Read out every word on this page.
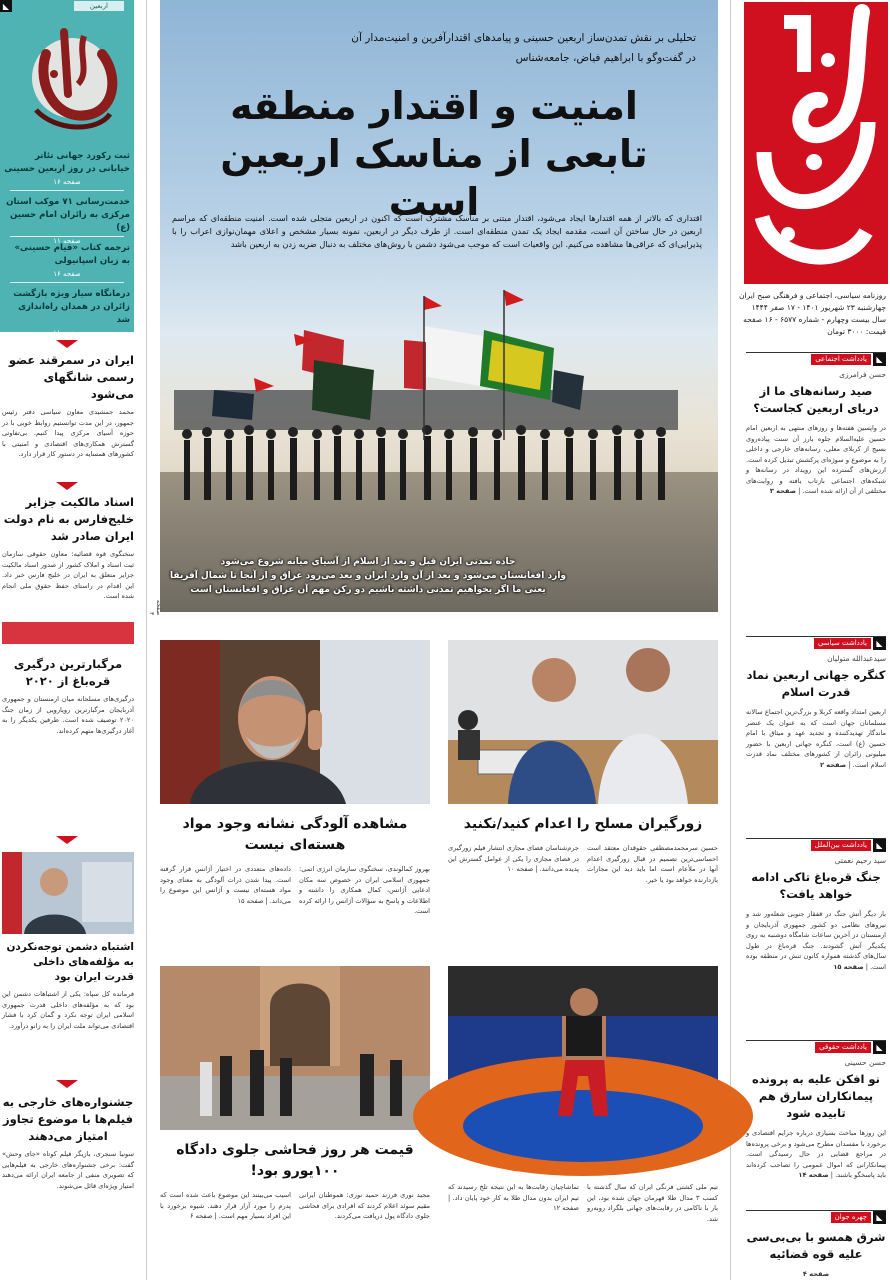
روزنامه سیاسی، اجتماعی و فرهنگی صبح ایران
چهارشنبه ۲۳ شهریور ۱۴۰۱ - ۱۷ صفر ۱۴۴۴
سال بیست وچهارم - شماره ۶۵۷۷ - ۱۶ صفحه
قیمت: ۳۰۰۰ تومان
◣
یادداشت اجتماعی
حسن فرامرزی
صید رسانه‌های ما از دریای اربعین کجاست؟
در واپسین هفته‌ها و روزهای منتهی به اربعین امام حسین علیه‌السلام جلوه بارز آن سنت پیاده‌روی بسیج از کربلای معلی، رسانه‌های خارجی و داخلی را به موضوع و سوژه‌ای پرکشش تبدیل کرده است. ارزش‌های گسترده این رویداد در رسانه‌ها و شبکه‌های اجتماعی بازتاب یافته و روایت‌های مختلفی از آن ارائه شده است. | صفحه ۳
◣
یادداشت سیاسی
سیدعبدالله متولیان
کنگره جهانی اربعین نماد قدرت اسلام
اربعین امتداد واقعه کربلا و بزرگ‌ترین اجتماع سالانه مسلمانان جهان است که به عنوان یک عنصر ماندگار تهدیدکننده و تجدید عهد و میثاق با امام حسین (ع) است، کنگره جهانی اربعین با حضور میلیونی زائران از کشورهای مختلف نماد قدرت اسلام است. | صفحه ۲
◣
یادداشت بین‌الملل
سید رحیم نعمتی
جنگ قره‌باغ تاکی ادامه خواهد یافت؟
بار دیگر آتش جنگ در قفقاز جنوبی شعله‌ور شد و نیروهای نظامی دو کشور جمهوری آذربایجان و ارمنستان در آخرین ساعات شامگاه دوشنبه به روی یکدیگر آتش گشودند. جنگ قره‌باغ در طول سال‌های گذشته همواره کانون تنش در منطقه بوده است. | صفحه ۱۵
◣
یادداشت حقوقی
حسن حسینی
نو افکن علیه به پرونده پیمانکاران سارق هم تابیده شود
این روزها مباحث بسیاری درباره جرایم اقتصادی و برخورد با مفسدان مطرح می‌شود و برخی پرونده‌ها در مراجع قضایی در حال رسیدگی است. پیمانکارانی که اموال عمومی را تصاحب کرده‌اند باید پاسخگو باشند. | صفحه ۱۴
◣
چهره جوان
شرق همسو با بی‌بی‌سی علیه قوه قضائیه
صفحه ۴
اربعین
◣
ثبت رکورد جهانی تئاتر خیابانی در روز اربعین حسینی
صفحه ۱۶
خدمت‌رسانی ۷۱ موکب استان مرکزی به زائران امام حسین (ع)
صفحه ۱۱
ترجمه کتاب «قیام حسینی» به زبان اسپانیولی
صفحه ۱۶
درمانگاه سیار ویژه بازگشت زائران در همدان راه‌اندازی شد
صفحه ۱۱
ایران در سمرقند عضو رسمی شانگهای می‌شود
محمد جمشیدی معاون سیاسی دفتر رئیس جمهور، در این مدت توانستیم روابط خوبی با در حوزه آسیای مرکزی پیدا کنیم. بی‌تفاوتی گسترش همکاری‌های اقتصادی و امنیتی با کشورهای همسایه در دستور کار قرار دارد.
اسناد مالکیت جزایر خلیج‌فارس به نام دولت ایران صادر شد
سخنگوی قوه قضائیه: معاون حقوقی سازمان ثبت اسناد و املاک کشور از صدور اسناد مالکیت جزایر متعلق به ایران در خلیج فارس خبر داد. این اقدام در راستای حفظ حقوق ملی انجام شده است.
مرگبارترین درگیری قره‌باغ از ۲۰۲۰
درگیری‌های مسلحانه میان ارمنستان و جمهوری آذربایجان مرگبارترین رویارویی از زمان جنگ ۲۰۲۰ توصیف شده است. طرفین یکدیگر را به آغاز درگیری‌ها متهم کرده‌اند.
اشتباه دشمن توجه‌نکردن به مؤلفه‌های داخلی قدرت ایران بود
فرمانده کل سپاه: یکی از اشتباهات دشمن این بود که به مؤلفه‌های داخلی قدرت جمهوری اسلامی ایران توجه نکرد و گمان کرد با فشار اقتصادی می‌تواند ملت ایران را به زانو درآورد.
جشنواره‌های خارجی به فیلم‌ها با موضوع تجاوز امتیاز می‌دهند
سونیا سنجری، بازیگر فیلم کوتاه «جای وحش» گفت: برخی جشنواره‌های خارجی به فیلم‌هایی که تصویری منفی از جامعه ایران ارائه می‌دهند امتیاز ویژه‌ای قائل می‌شوند.
تحلیلی بر نقش تمدن‌ساز اربعین حسینی و پیامدهای اقتدارآفرین و امنیت‌مدار آن
در گفت‌وگو با ابراهیم فیاض، جامعه‌شناس
امنیت و اقتدار منطقه
تابعی از مناسک اربعین است
اقتداری که بالاتر از همه اقتدارها ایجاد می‌شود، اقتدار مبتنی بر مناسک مشترک است که اکنون در اربعین متجلی شده است. امنیت منطقه‌ای که مراسم اربعین در حال ساختن آن است، مقدمه ایجاد یک تمدن منطقه‌ای است. از طرف دیگر در اربعین، نمونه بسیار مشخص و اعلای مهمان‌نوازی اعراب را با پذیرایی‌ای که عراقی‌ها مشاهده می‌کنیم. این واقعیات است که موجب می‌شود دشمن با روش‌های مختلف به دنبال ضربه زدن به اربعین باشد
جاده تمدنی ایران قبل و بعد از اسلام از آسیای میانه شروع می‌شود
وارد افغانستان می‌شود و بعد از آن وارد ایران و بعد می‌رود عراق و از آنجا تا شمال آفریقا
یعنی ما اگر بخواهیم تمدنی داشته باشیم دو رکن مهم آن عراق و افغانستان است
صفحه ۳
مشاهده آلودگی نشانه وجود مواد هسته‌ای نیست
بهروز کمالوندی، سخنگوی سازمان انرژی اتمی: جمهوری اسلامی ایران در خصوص سه مکان ادعایی آژانس، کمال همکاری را داشته و اطلاعات و پاسخ به سؤالات آژانس را ارائه کرده است.
داده‌های متعددی در اختیار آژانس قرار گرفته است. پیدا شدن ذرات آلودگی به معنای وجود مواد هسته‌ای نیست و آژانس این موضوع را می‌داند. | صفحه ۱۵
زورگیران مسلح را اعدام کنید/نکنید
حسین سرمحمدمصطفی حقوقدان معتقد است احساسی‌ترین تصمیم در قبال زورگیری اعدام آنها در ملأعام است اما باید دید این مجازات بازدارنده خواهد بود یا خیر.
جرم‌شناسان فضای مجازی انتشار فیلم زورگیری در فضای مجازی را یکی از عوامل گسترش این پدیده می‌دانند. | صفحه ۱۰
قیمت هر روز فحاشی جلوی دادگاه ۱۰۰یورو بود!
مجید نوری فرزند حمید نوری: هموطنان ایرانی مقیم سوئد اعلام کردند که افرادی برای فحاشی جلوی دادگاه پول دریافت می‌کردند.
اسیب می‌بینند این موضوع باعث شده است که پدرم را مورد آزار قرار دهند. شیوه برخورد با این افراد بسیار مهم است. | صفحه ۶
تیم ملی کشتی فرنگی ایران که سال گذشته با کسب ۳ مدال طلا قهرمان جهان شده بود، این بار با ناکامی در رقابت‌های جهانی بلگراد روبه‌رو شد.
تماشاچیان رقابت‌ها به این نتیجه تلخ رسیدند که تیم ایران بدون مدال طلا به کار خود پایان داد. | صفحه ۱۲
